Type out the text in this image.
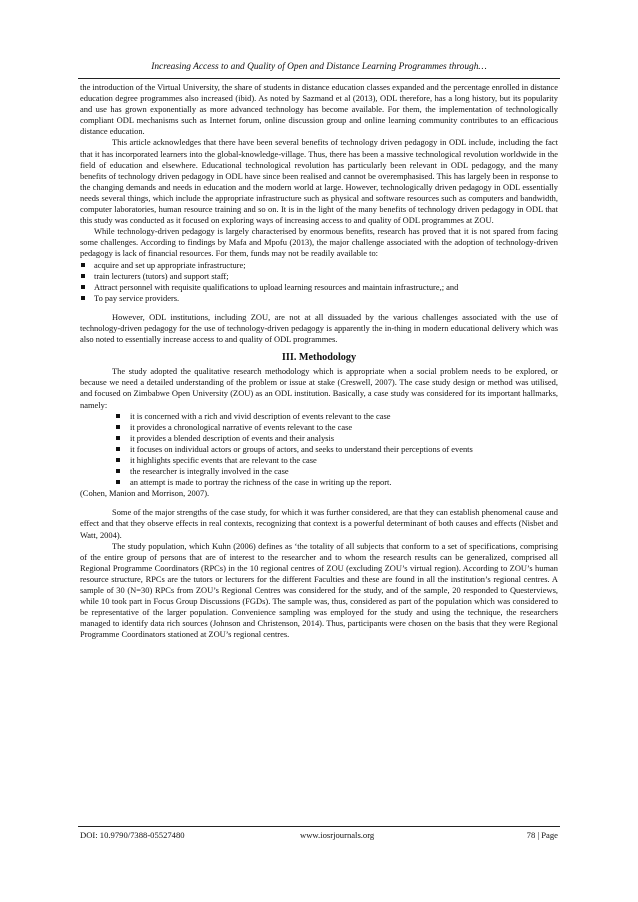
Increasing Access to and Quality of Open and Distance Learning Programmes through…

the introduction of the Virtual University, the share of students in distance education classes expanded and the percentage enrolled in distance education degree programmes also increased (ibid). As noted by Sazmand et al (2013), ODL therefore, has a long history, but its popularity and use has grown exponentially as more advanced technology has become available. For them, the implementation of technologically compliant ODL mechanisms such as Internet forum, online discussion group and online learning community contributes to an efficacious distance education.

This article acknowledges that there have been several benefits of technology driven pedagogy in ODL include, including the fact that it has incorporated learners into the global-knowledge-village. Thus, there has been a massive technological revolution worldwide in the field of education and elsewhere. Educational technological revolution has particularly been relevant in ODL pedagogy, and the many benefits of technology driven pedagogy in ODL have since been realised and cannot be overemphasised. This has largely been in response to the changing demands and needs in education and the modern world at large. However, technologically driven pedagogy in ODL essentially needs several things, which include the appropriate infrastructure such as physical and software resources such as computers and bandwidth, computer laboratories, human resource training and so on. It is in the light of the many benefits of technology driven pedagogy in ODL that this study was conducted as it focused on exploring ways of increasing access to and quality of ODL programmes at ZOU.

While technology-driven pedagogy is largely characterised by enormous benefits, research has proved that it is not spared from facing some challenges. According to findings by Mafa and Mpofu (2013), the major challenge associated with the adoption of technology-driven pedagogy is lack of financial resources. For them, funds may not be readily available to:

acquire and set up appropriate infrastructure;
train lecturers (tutors) and support staff;
Attract personnel with requisite qualifications to upload learning resources and maintain infrastructure,; and
To pay service providers.

However, ODL institutions, including ZOU, are not at all dissuaded by the various challenges associated with the use of technology-driven pedagogy for the use of technology-driven pedagogy is apparently the in-thing in modern educational delivery which was also noted to essentially increase access to and quality of ODL programmes.

III. Methodology

The study adopted the qualitative research methodology which is appropriate when a social problem needs to be explored, or because we need a detailed understanding of the problem or issue at stake (Creswell, 2007). The case study design or method was utilised, and focused on Zimbabwe Open University (ZOU) as an ODL institution. Basically, a case study was considered for its important hallmarks, namely:

it is concerned with a rich and vivid description of events relevant to the case
it provides a chronological narrative of events relevant to the case
it provides a blended description of events and their analysis
it focuses on individual actors or groups of actors, and seeks to understand their perceptions of events
it highlights specific events that are relevant to the case
the researcher is integrally involved in the case
an attempt is made to portray the richness of the case in writing up the report.

(Cohen, Manion and Morrison, 2007).

Some of the major strengths of the case study, for which it was further considered, are that they can establish phenomenal cause and effect and that they observe effects in real contexts, recognizing that context is a powerful determinant of both causes and effects (Nisbet and Watt, 2004).

The study population, which Kuhn (2006) defines as ‘the totality of all subjects that conform to a set of specifications, comprising of the entire group of persons that are of interest to the researcher and to whom the research results can be generalized, comprised all Regional Programme Coordinators (RPCs) in the 10 regional centres of ZOU (excluding ZOU’s virtual region). According to ZOU’s human resource structure, RPCs are the tutors or lecturers for the different Faculties and these are found in all the institution’s regional centres. A sample of 30 (N=30) RPCs from ZOU’s Regional Centres was considered for the study, and of the sample, 20 responded to Questerviews, while 10 took part in Focus Group Discussions (FGDs). The sample was, thus, considered as part of the population which was considered to be representative of the larger population. Convenience sampling was employed for the study and using the technique, the researchers managed to identify data rich sources (Johnson and Christenson, 2014). Thus, participants were chosen on the basis that they were Regional Programme Coordinators stationed at ZOU’s regional centres.

DOI: 10.9790/7388-05527480	www.iosrjournals.org	78 | Page
